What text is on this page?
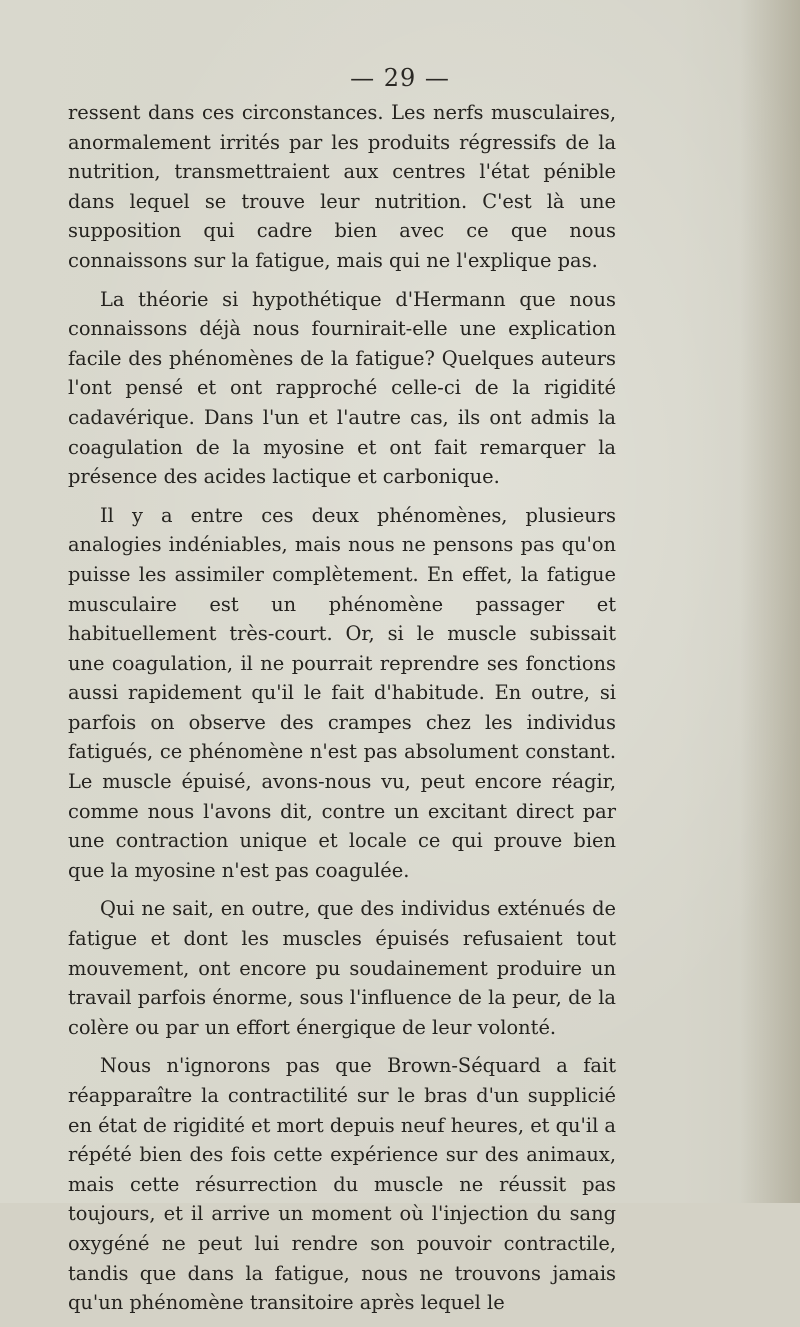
— 29 —

ressent dans ces circonstances. Les nerfs musculaires, anormalement irrités par les produits régressifs de la nutrition, transmettraient aux centres l'état pénible dans lequel se trouve leur nutrition. C'est là une supposition qui cadre bien avec ce que nous connaissons sur la fatigue, mais qui ne l'explique pas.

La théorie si hypothétique d'Hermann que nous connaissons déjà nous fournirait-elle une explication facile des phénomènes de la fatigue? Quelques auteurs l'ont pensé et ont rapproché celle-ci de la rigidité cadavérique. Dans l'un et l'autre cas, ils ont admis la coagulation de la myosine et ont fait remarquer la présence des acides lactique et carbonique.

Il y a entre ces deux phénomènes, plusieurs analogies indéniables, mais nous ne pensons pas qu'on puisse les assimiler complètement. En effet, la fatigue musculaire est un phénomène passager et habituellement très-court. Or, si le muscle subissait une coagulation, il ne pourrait reprendre ses fonctions aussi rapidement qu'il le fait d'habitude. En outre, si parfois on observe des crampes chez les individus fatigués, ce phénomène n'est pas absolument constant. Le muscle épuisé, avons-nous vu, peut encore réagir, comme nous l'avons dit, contre un excitant direct par une contraction unique et locale ce qui prouve bien que la myosine n'est pas coagulée.

Qui ne sait, en outre, que des individus exténués de fatigue et dont les muscles épuisés refusaient tout mouvement, ont encore pu soudainement produire un travail parfois énorme, sous l'influence de la peur, de la colère ou par un effort énergique de leur volonté.

Nous n'ignorons pas que Brown-Séquard a fait réapparaître la contractilité sur le bras d'un supplicié en état de rigidité et mort depuis neuf heures, et qu'il a répété bien des fois cette expérience sur des animaux, mais cette résurrection du muscle ne réussit pas toujours, et il arrive un moment où l'injection du sang oxygéné ne peut lui rendre son pouvoir contractile, tandis que dans la fatigue, nous ne trouvons jamais qu'un phénomène transitoire après lequel le
